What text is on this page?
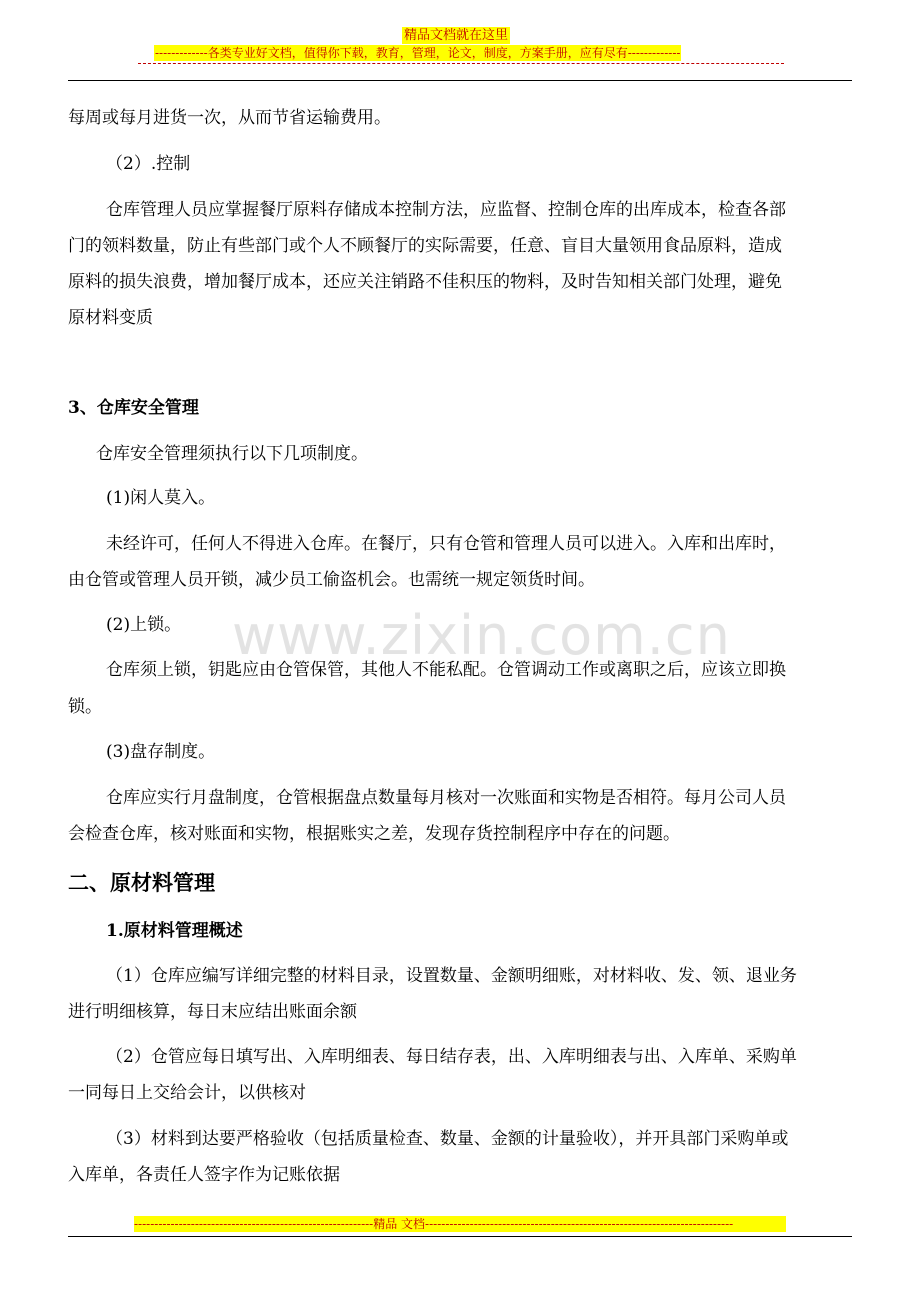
精品文档就在这里
-------------各类专业好文档，值得你下载，教育，管理，论文，制度，方案手册，应有尽有-------------
www.zixin.com.cn
每周或每月进货一次，从而节省运输费用。
（2）.控制
仓库管理人员应掌握餐厅原料存储成本控制方法，应监督、控制仓库的出库成本，检查各部
门的领料数量，防止有些部门或个人不顾餐厅的实际需要，任意、盲目大量领用食品原料，造成
原料的损失浪费，增加餐厅成本，还应关注销路不佳积压的物料，及时告知相关部门处理，避免
原材料变质
3、仓库安全管理
仓库安全管理须执行以下几项制度。
(1)闲人莫入。
未经许可，任何人不得进入仓库。在餐厅，只有仓管和管理人员可以进入。入库和出库时，
由仓管或管理人员开锁，减少员工偷盗机会。也需统一规定领货时间。
(2)上锁。
仓库须上锁，钥匙应由仓管保管，其他人不能私配。仓管调动工作或离职之后，应该立即换
锁。
(3)盘存制度。
仓库应实行月盘制度，仓管根据盘点数量每月核对一次账面和实物是否相符。每月公司人员
会检查仓库，核对账面和实物，根据账实之差，发现存货控制程序中存在的问题。
二、原材料管理
1.原材料管理概述
（1）仓库应编写详细完整的材料目录，设置数量、金额明细账，对材料收、发、领、退业务
进行明细核算，每日末应结出账面余额
（2）仓管应每日填写出、入库明细表、每日结存表，出、入库明细表与出、入库单、采购单
一同每日上交给会计，以供核对
（3）材料到达要严格验收（包括质量检查、数量、金额的计量验收），并开具部门采购单或
入库单，各责任人签字作为记账依据
-----------------------------------------------------------精品 文档----------------------------------------------------------------------------
